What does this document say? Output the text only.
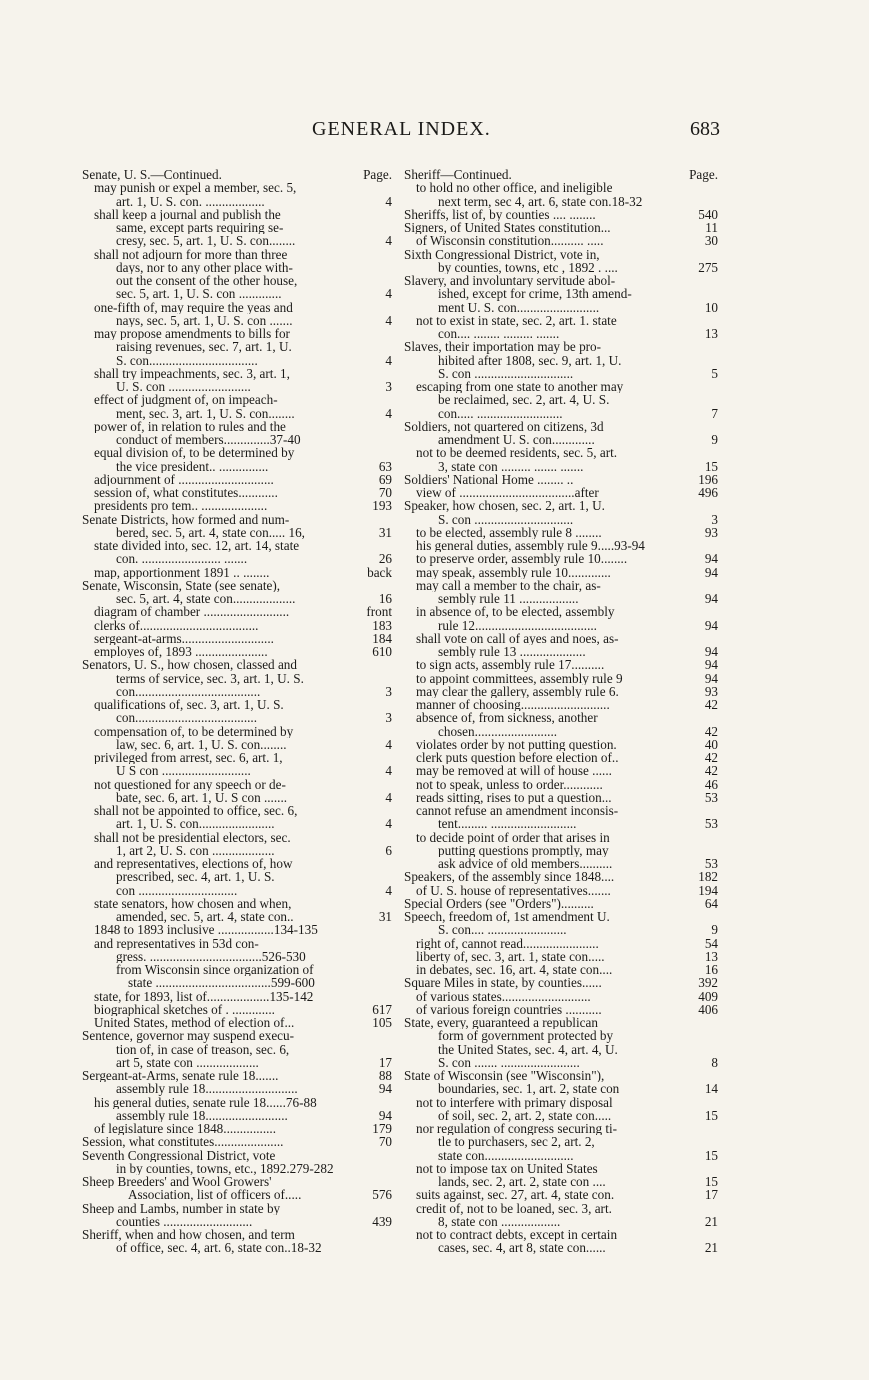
GENERAL INDEX.	683
Senate, U. S.—Continued.	Page.
may punish or expel a member, sec. 5,
art. 1, U. S. con. ..................	4
shall keep a journal and publish the
same, except parts requiring se-
cresy, sec. 5, art. 1, U. S. con........	4
shall not adjourn for more than three
days, nor to any other place with-
out the consent of the other house,
sec. 5, art. 1, U. S. con .............	4
one-fifth of, may require the yeas and
nays, sec. 5, art. 1, U. S. con .......	4
may propose amendments to bills for
raising revenues, sec. 7, art. 1, U.
S. con.................................	4
shall try impeachments, sec. 3, art. 1,
U. S. con .........................	3
effect of judgment of, on impeach-
ment, sec. 3, art. 1, U. S. con........	4
power of, in relation to rules and the
conduct of members..............37-40
equal division of, to be determined by
the vice president.. ...............	63
adjournment of .............................	69
session of, what constitutes............	70
presidents pro tem.. ....................	193
Senate Districts, how formed and num-
bered, sec. 5, art. 4, state con..... 16,	31
state divided into, sec. 12, art. 14, state
con. ........................ .......	26
map, apportionment 1891 .. ........	back
Senate, Wisconsin, State (see senate),
sec. 5, art. 4, state con...................	16
diagram of chamber ..........................	front
clerks of....................................	183
sergeant-at-arms............................	184
employes of, 1893 ......................	610
Senators, U. S., how chosen, classed and
terms of service, sec. 3, art. 1, U. S.
con......................................	3
qualifications of, sec. 3, art. 1, U. S.
con.....................................	3
compensation of, to be determined by
law, sec. 6, art. 1, U. S. con........	4
privileged from arrest, sec. 6, art. 1,
U S con ...........................	4
not questioned for any speech or de-
bate, sec. 6, art. 1, U. S con .......	4
shall not be appointed to office, sec. 6,
art. 1, U. S. con.......................	4
shall not be presidential electors, sec.
1, art 2, U. S. con ...................	6
and representatives, elections of, how
prescribed, sec. 4, art. 1, U. S.
con ..............................	4
state senators, how chosen and when,
amended, sec. 5, art. 4, state con..	31
1848 to 1893 inclusive .................134-135
and representatives in 53d con-
gress. ..................................526-530
from Wisconsin since organization of
state ...................................599-600
state, for 1893, list of...................135-142
biographical sketches of . .............	617
United States, method of election of...	105
Sentence, governor may suspend execu-
tion of, in case of treason, sec. 6,
art 5, state con ...................	17
Sergeant-at-Arms, senate rule 18.......	88
assembly rule 18............................	94
his general duties, senate rule 18......76-88
assembly rule 18.........................	94
of legislature since 1848................	179
Session, what constitutes.....................	70
Seventh Congressional District, vote
in by counties, towns, etc., 1892.279-282
Sheep Breeders' and Wool Growers'
Association, list of officers of.....	576
Sheep and Lambs, number in state by
counties ...........................	439
Sheriff, when and how chosen, and term
of office, sec. 4, art. 6, state con..18-32
Sheriff—Continued.	Page.
to hold no other office, and ineligible
next term, sec 4, art. 6, state con.18-32
Sheriffs, list of, by counties .... ........	540
Signers, of United States constitution...	11
of Wisconsin constitution.......... .....	30
Sixth Congressional District, vote in,
by counties, towns, etc , 1892 . ....	275
Slavery, and involuntary servitude abol-
ished, except for crime, 13th amend-
ment U. S. con.........................	10
not to exist in state, sec. 2, art. 1. state
con.... ........ ......... .......	13
Slaves, their importation may be pro-
hibited after 1808, sec. 9, art. 1, U.
S. con ..............................	5
escaping from one state to another may
be reclaimed, sec. 2, art. 4, U. S.
con..... ..........................	7
Soldiers, not quartered on citizens, 3d
amendment U. S. con.............	9
not to be deemed residents, sec. 5, art.
3, state con ......... ....... .......	15
Soldiers' National Home ........ ..	196
view of ...................................after	496
Speaker, how chosen, sec. 2, art. 1, U.
S. con ..............................	3
to be elected, assembly rule 8 ........	93
his general duties, assembly rule 9.....93-94
to preserve order, assembly rule 10........	94
may speak, assembly rule 10.............	94
may call a member to the chair, as-
sembly rule 11 ..................	94
in absence of, to be elected, assembly
rule 12.....................................	94
shall vote on call of ayes and noes, as-
sembly rule 13 ....................	94
to sign acts, assembly rule 17..........	94
to appoint committees, assembly rule 9	94
may clear the gallery, assembly rule 6.	93
manner of choosing...........................	42
absence of, from sickness, another
chosen.........................	42
violates order by not putting question.	40
clerk puts question before election of..	42
may be removed at will of house ......	42
not to speak, unless to order............	46
reads sitting, rises to put a question...	53
cannot refuse an amendment inconsis-
tent......... ..........................	53
to decide point of order that arises in
putting questions promptly, may
ask advice of old members..........	53
Speakers, of the assembly since 1848....	182
of U. S. house of representatives.......	194
Special Orders (see "Orders")..........	64
Speech, freedom of, 1st amendment U.
S. con.... ........................	9
right of, cannot read.......................	54
liberty of, sec. 3, art. 1, state con.....	13
in debates, sec. 16, art. 4, state con....	16
Square Miles in state, by counties......	392
of various states...........................	409
of various foreign countries ...........	406
State, every, guaranteed a republican
form of government protected by
the United States, sec. 4, art. 4, U.
S. con ....... ........................	8
State of Wisconsin (see "Wisconsin"),
boundaries, sec. 1, art. 2, state con	14
not to interfere with primary disposal
of soil, sec. 2, art. 2, state con.....	15
nor regulation of congress securing ti-
tle to purchasers, sec 2, art. 2,
state con...........................	15
not to impose tax on United States
lands, sec. 2, art. 2, state con ....	15
suits against, sec. 27, art. 4, state con.	17
credit of, not to be loaned, sec. 3, art.
8, state con ..................	21
not to contract debts, except in certain
cases, sec. 4, art 8, state con......	21
